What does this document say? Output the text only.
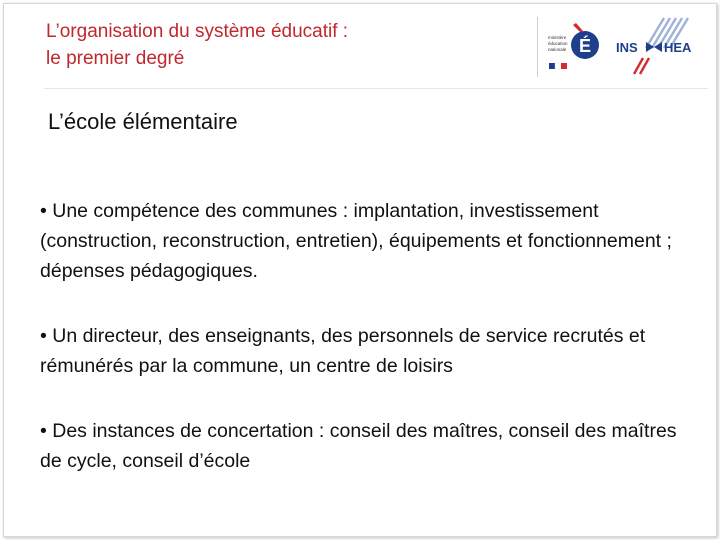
L’organisation du système éducatif :
le premier degré
ministère
éducation
nationale É INS HEA
L’école élémentaire

• Une compétence des communes : implantation, investissement (construction, reconstruction, entretien), équipements et fonctionnement ; dépenses pédagogiques.

• Un directeur, des enseignants, des personnels de service recrutés et rémunérés par la commune, un centre de loisirs

• Des instances de concertation : conseil des maîtres, conseil des maîtres de cycle, conseil d’école
